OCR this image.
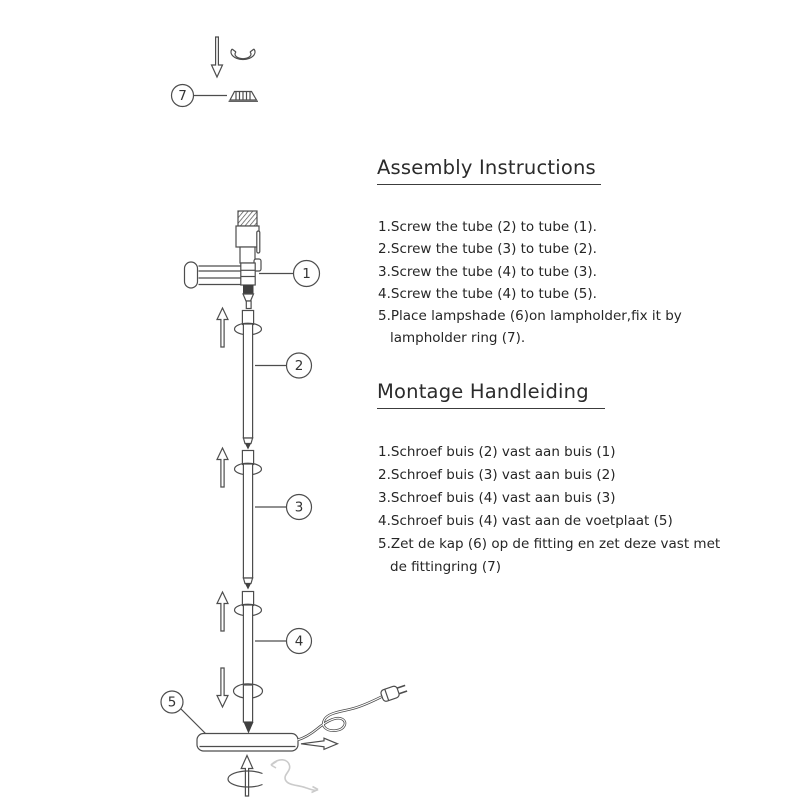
7
1
2
3
4
5
Assembly Instructions
1.Screw the tube (2) to tube (1).
2.Screw the tube (3) to tube (2).
3.Screw the tube (4) to tube (3).
4.Screw the tube (4) to tube (5).
5.Place lampshade (6)on lampholder,fix it by lampholder ring (7).
Montage Handleiding
1.Schroef buis (2) vast aan buis (1)
2.Schroef buis (3) vast aan buis (2)
3.Schroef buis (4) vast aan buis (3)
4.Schroef buis (4) vast aan de voetplaat (5)
5.Zet de kap (6) op de fitting en zet deze vast met de fittingring (7)
